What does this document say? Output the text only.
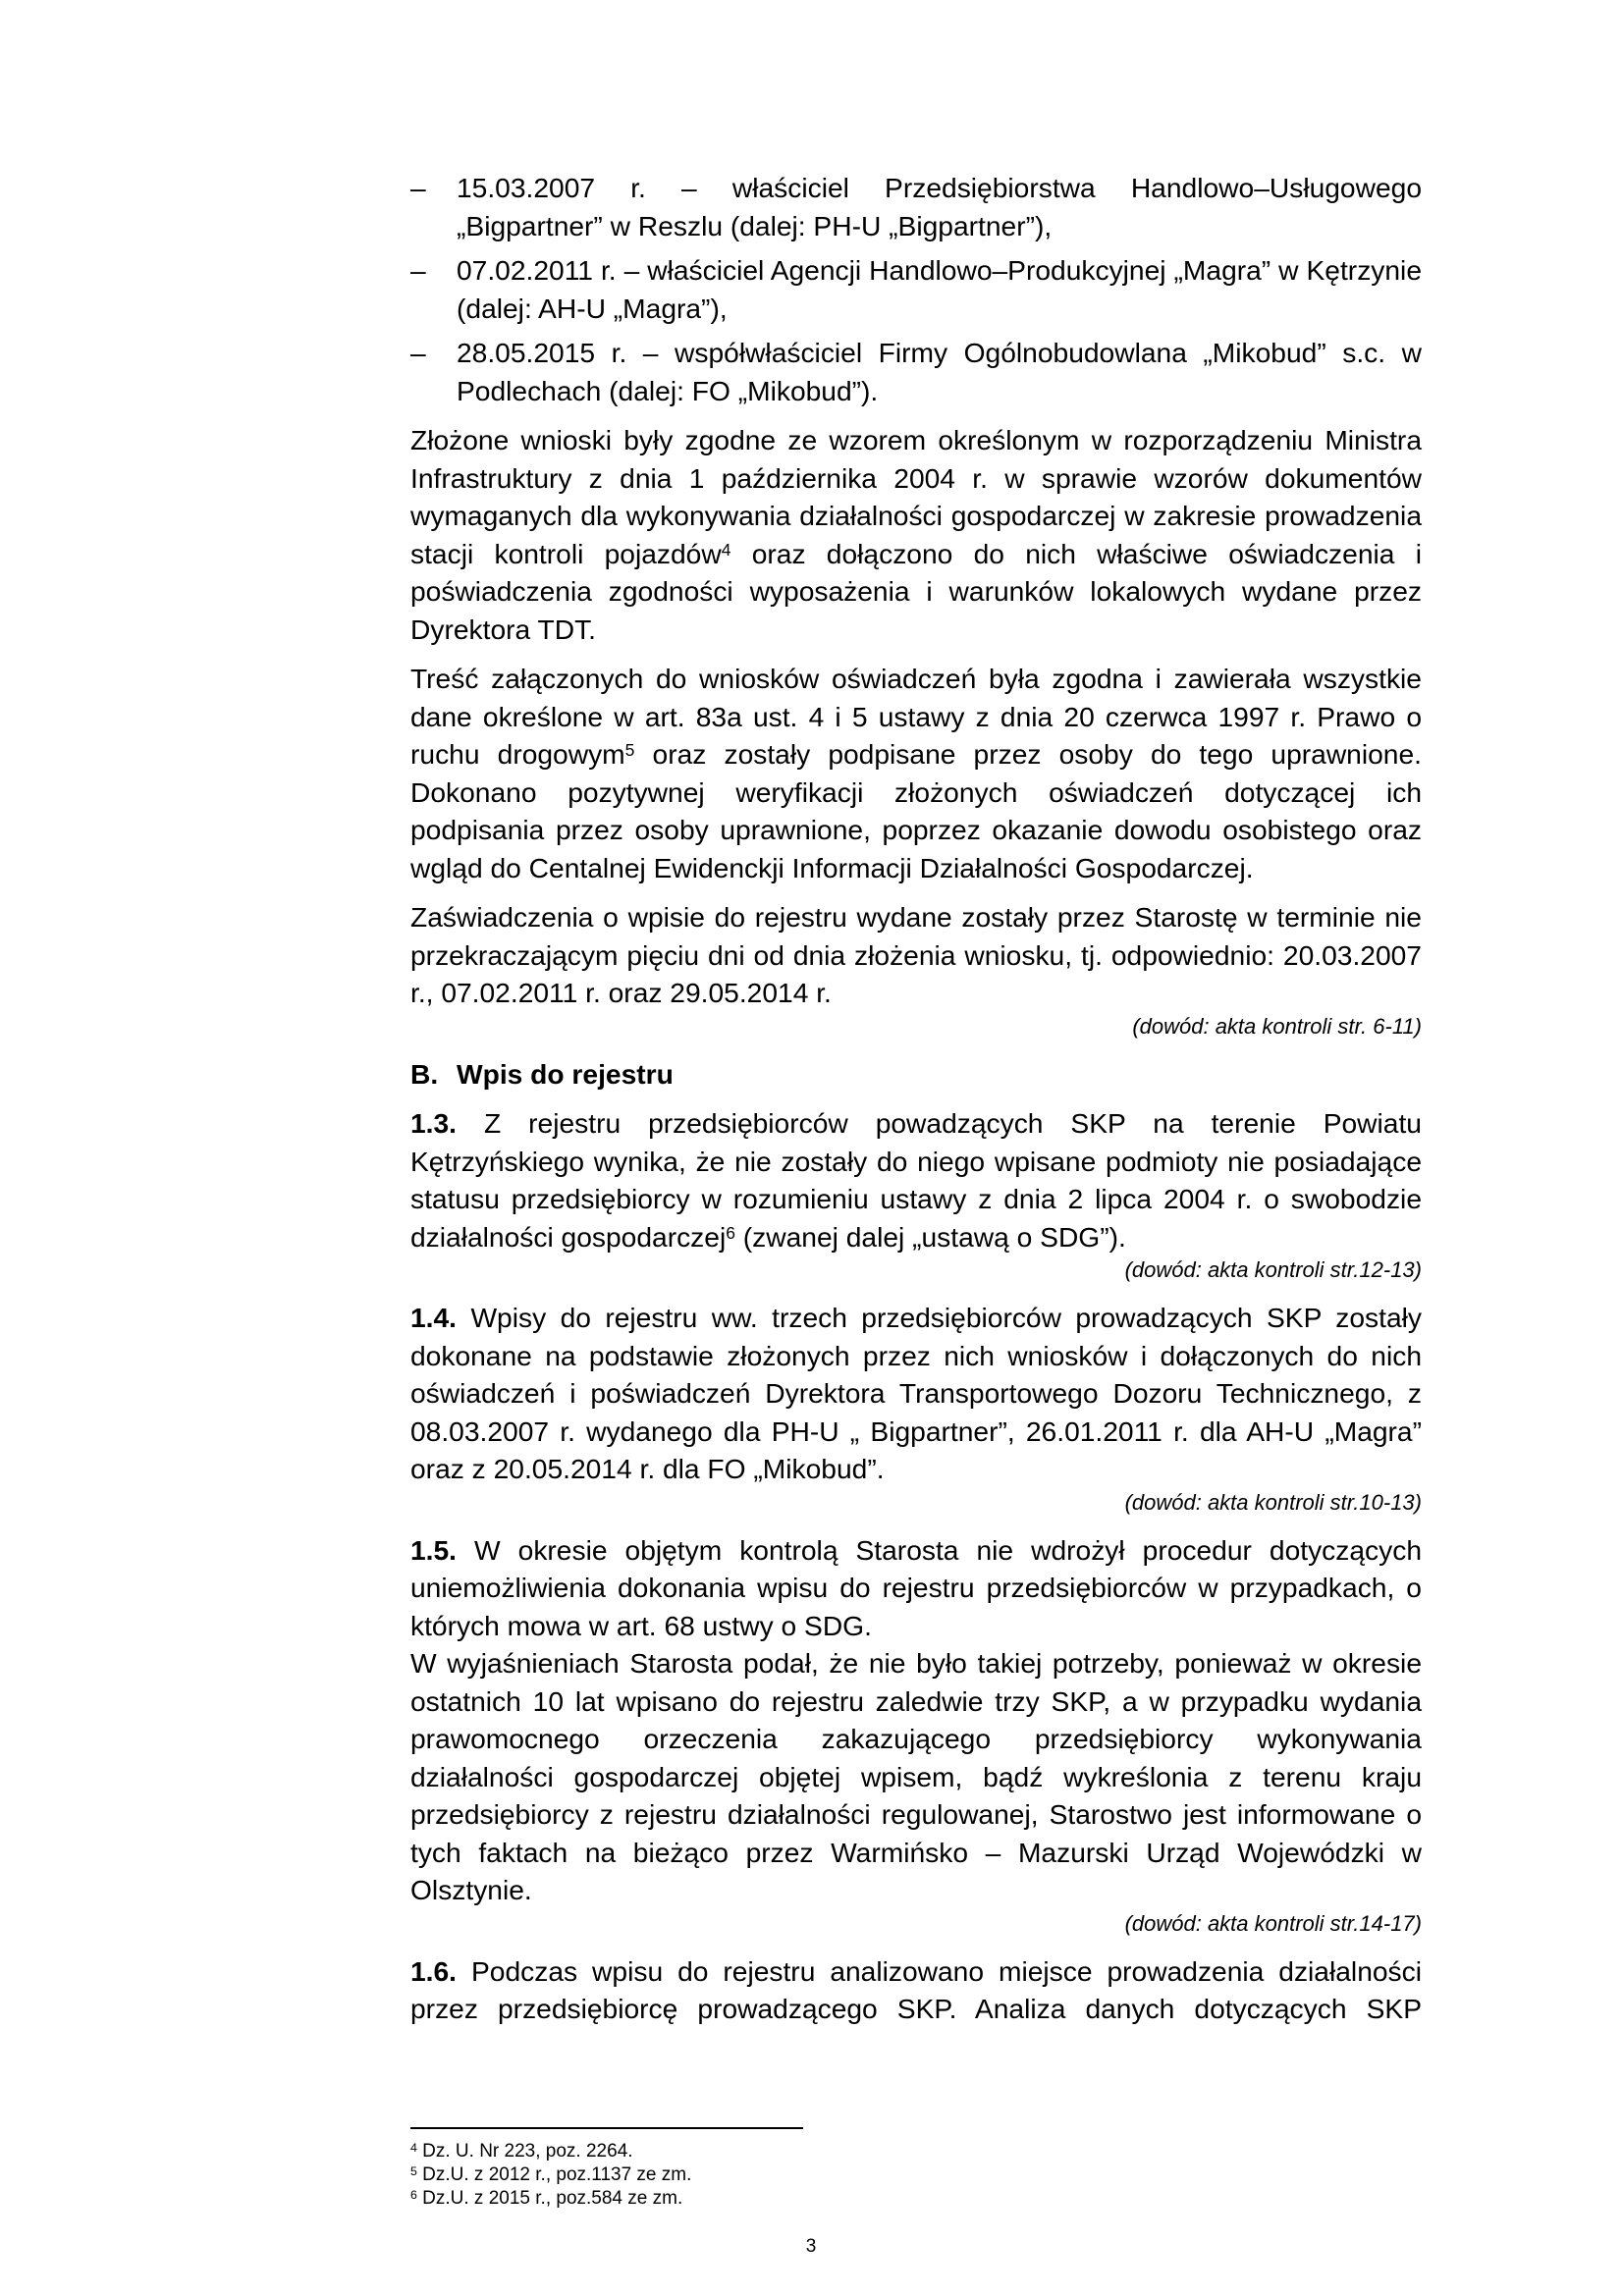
– 15.03.2007 r. – właściciel Przedsiębiorstwa Handlowo–Usługowego „Bigpartner” w Reszlu (dalej: PH-U „Bigpartner”),
– 07.02.2011 r. – właściciel Agencji Handlowo–Produkcyjnej „Magra” w Kętrzynie (dalej: AH-U „Magra”),
– 28.05.2015 r. – współwłaściciel Firmy Ogólnobudowlana „Mikobud” s.c. w Podlechach (dalej: FO „Mikobud”).

Złożone wnioski były zgodne ze wzorem określonym w rozporządzeniu Ministra Infrastruktury z dnia 1 października 2004 r. w sprawie wzorów dokumentów wymaganych dla wykonywania działalności gospodarczej w zakresie prowadzenia stacji kontroli pojazdów$^4$ oraz dołączono do nich właściwe oświadczenia i poświadczenia zgodności wyposażenia i warunków lokalowych wydane przez Dyrektora TDT.

Treść załączonych do wniosków oświadczeń była zgodna i zawierała wszystkie dane określone w art. 83a ust. 4 i 5 ustawy z dnia 20 czerwca 1997 r. Prawo o ruchu drogowym$^5$ oraz zostały podpisane przez osoby do tego uprawnione. Dokonano pozytywnej weryfikacji złożonych oświadczeń dotyczącej ich podpisania przez osoby uprawnione, poprzez okazanie dowodu osobistego oraz wgląd do Centalnej Ewidenckji Informacji Działalności Gospodarczej.

Zaświadczenia o wpisie do rejestru wydane zostały przez Starostę w terminie nie przekraczającym pięciu dni od dnia złożenia wniosku, tj. odpowiednio: 20.03.2007 r., 07.02.2011 r. oraz 29.05.2014 r.

(dowód: akta kontroli str. 6-11)

B. Wpis do rejestru

1.3. Z rejestru przedsiębiorców powadzących SKP na terenie Powiatu Kętrzyńskiego wynika, że nie zostały do niego wpisane podmioty nie posiadające statusu przedsiębiorcy w rozumieniu ustawy z dnia 2 lipca 2004 r. o swobodzie działalności gospodarczej$^6$ (zwanej dalej „ustawą o SDG”).

(dowód: akta kontroli str.12-13)

1.4. Wpisy do rejestru ww. trzech przedsiębiorców prowadzących SKP zostały dokonane na podstawie złożonych przez nich wniosków i dołączonych do nich oświadczeń i poświadczeń Dyrektora Transportowego Dozoru Technicznego, z 08.03.2007 r. wydanego dla PH-U „ Bigpartner”, 26.01.2011 r. dla AH-U „Magra” oraz z 20.05.2014 r. dla FO „Mikobud”.

(dowód: akta kontroli str.10-13)

1.5. W okresie objętym kontrolą Starosta nie wdrożył procedur dotyczących uniemożliwienia dokonania wpisu do rejestru przedsiębiorców w przypadkach, o których mowa w art. 68 ustwy o SDG.

W wyjaśnieniach Starosta podał, że nie było takiej potrzeby, ponieważ w okresie ostatnich 10 lat wpisano do rejestru zaledwie trzy SKP, a w przypadku wydania prawomocnego orzeczenia zakazującego przedsiębiorcy wykonywania działalności gospodarczej objętej wpisem, bądź wykreślonia z terenu kraju przedsiębiorcy z rejestru działalności regulowanej, Starostwo jest informowane o tych faktach na bieżąco przez Warmińsko – Mazurski Urząd Wojewódzki w Olsztynie.

(dowód: akta kontroli str.14-17)

1.6. Podczas wpisu do rejestru analizowano miejsce prowadzenia działalności przez przedsiębiorcę prowadzącego SKP. Analiza danych dotyczących SKP

$^4$ Dz. U. Nr 223, poz. 2264.
$^5$ Dz.U. z 2012 r., poz.1137 ze zm.
$^6$ Dz.U. z 2015 r., poz.584 ze zm.
3
